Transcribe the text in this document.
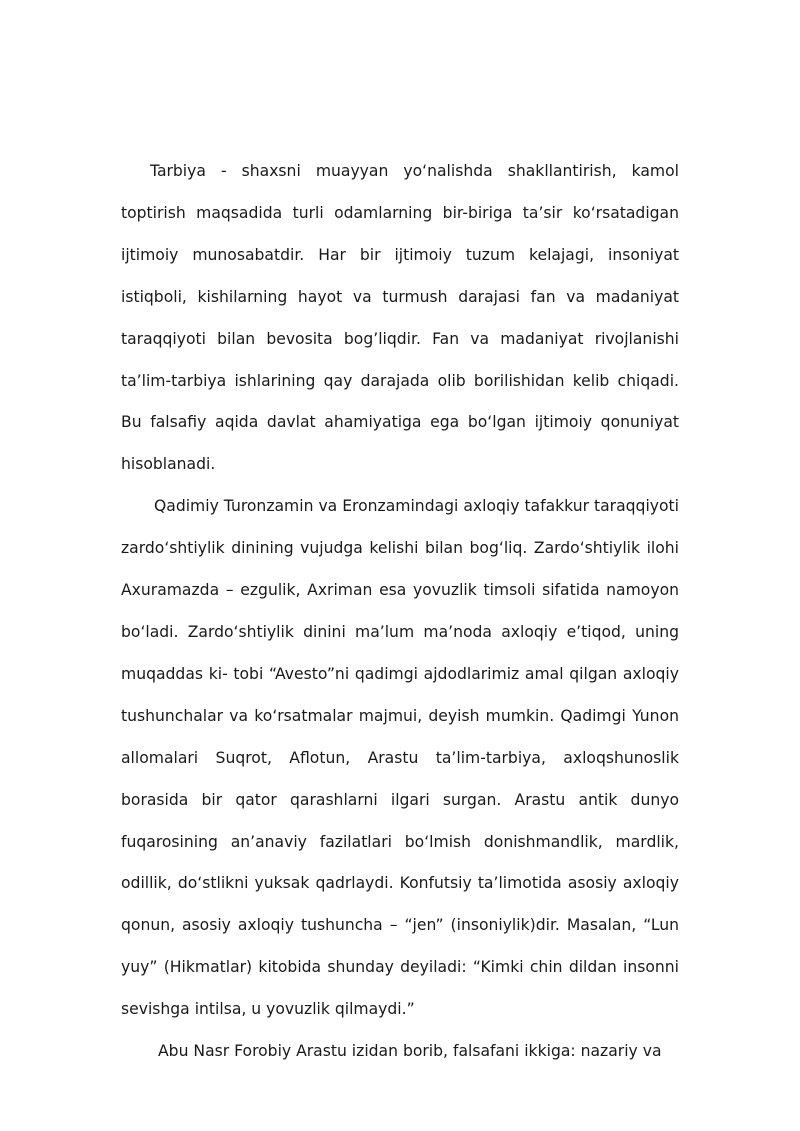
Tarbiya - shaxsni muayyan yo‘nalishda shakllantirish, kamol toptirish maqsadida turli odamlarning bir-biriga ta’sir ko‘rsatadigan ijtimoiy munosabatdir. Har bir ijtimoiy tuzum kelajagi, insoniyat istiqboli, kishilarning hayot va turmush darajasi fan va madaniyat taraqqiyoti bilan bevosita bog’liqdir. Fan va madaniyat rivojlanishi ta’lim-tarbiya ishlarining qay darajada olib borilishidan kelib chiqadi. Bu falsafiy aqida davlat ahamiyatiga ega bo‘lgan ijtimoiy qonuniyat hisoblanadi.

Qadimiy Turonzamin va Eronzamindagi axloqiy tafakkur taraqqiyoti zardo‘shtiylik dinining vujudga kelishi bilan bog‘liq. Zardo‘shtiylik ilohi Axuramazda – ezgulik, Axriman esa yovuzlik timsoli sifatida namoyon bo‘ladi. Zardo‘shtiylik dinini ma’lum ma’noda axloqiy e’tiqod, uning muqaddas ki- tobi “Avesto”ni qadimgi ajdodlarimiz amal qilgan axloqiy tushunchalar va ko‘rsatmalar majmui, deyish mumkin. Qadimgi Yunon allomalari Suqrot, Aflotun, Arastu ta’lim-tarbiya, axloqshunoslik borasida bir qator qarashlarni ilgari surgan. Arastu antik dunyo fuqarosining an’anaviy fazilatlari bo‘lmish donishmandlik, mardlik, odillik, do‘stlikni yuksak qadrlaydi. Konfutsiy ta’limotida asosiy axloqiy qonun, asosiy axloqiy tushuncha – “jen” (insoniylik)dir. Masalan, “Lun yuy” (Hikmatlar) kitobida shunday deyiladi: “Kimki chin dildan insonni sevishga intilsa, u yovuzlik qilmaydi.”

Abu Nasr Forobiy Arastu izidan borib, falsafani ikkiga: nazariy va
